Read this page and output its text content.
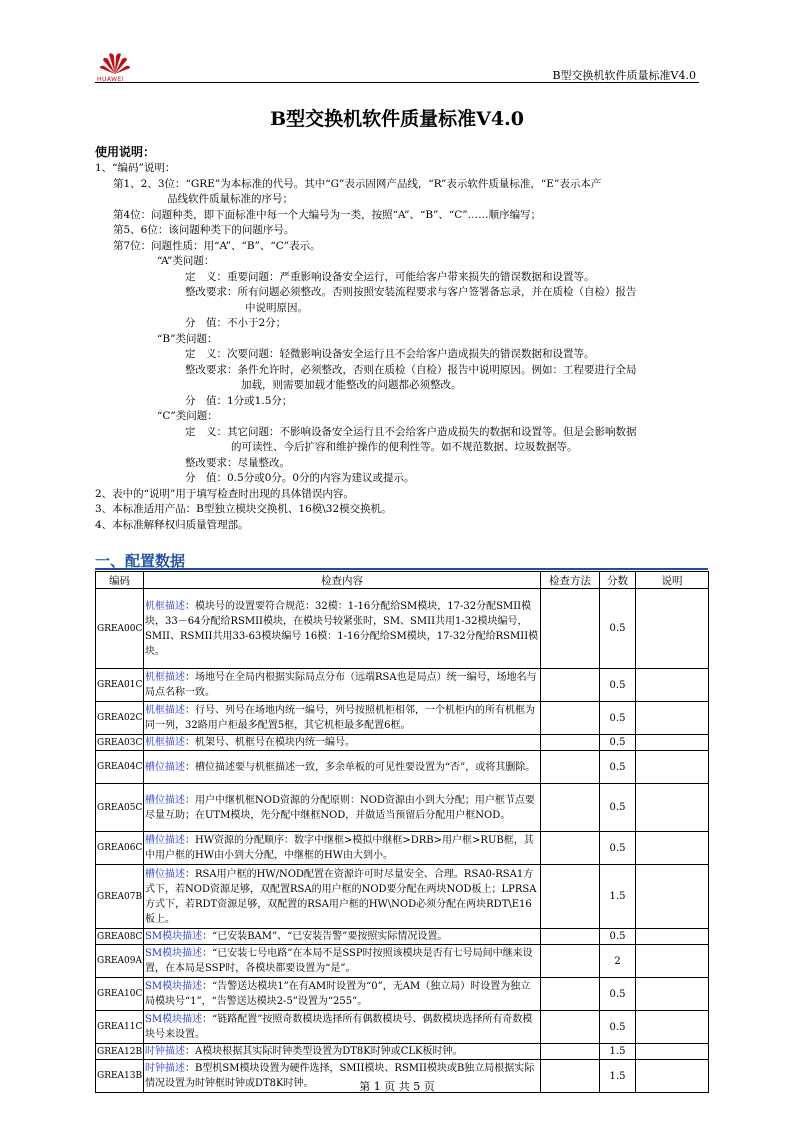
HUAWEI	B型交换机软件质量标准V4.0
B型交换机软件质量标准V4.0
使用说明：
1、“编码”说明：
第1、2、3位：“GRE”为本标准的代号。其中“G”表示固网产品线，“R”表示软件质量标准，“E”表示本产
品线软件质量标准的序号；
第4位：问题种类，即下面标准中每一个大编号为一类，按照“A”、“B”、“C”……顺序编写；
第5、6位：该问题种类下的问题序号。
第7位：问题性质：用“A”、“B”、“C”表示。
“A”类问题：
定　义：重要问题：严重影响设备安全运行，可能给客户带来损失的错误数据和设置等。
整改要求：所有问题必须整改。否则按照安装流程要求与客户签署备忘录，并在质检（自检）报告
中说明原因。
分　值：不小于2分；
“B”类问题：
定　义：次要问题：轻微影响设备安全运行且不会给客户造成损失的错误数据和设置等。
整改要求：条件允许时，必须整改，否则在质检（自检）报告中说明原因。例如：工程要进行全局
加载，则需要加载才能整改的问题都必须整改。
分　值：1分或1.5分；
“C”类问题：
定　义：其它问题：不影响设备安全运行且不会给客户造成损失的数据和设置等。但是会影响数据
的可读性、今后扩容和维护操作的便利性等。如不规范数据、垃圾数据等。
整改要求：尽量整改。
分　值：0.5分或0分。0分的内容为建议或提示。
2、表中的“说明”用于填写检查时出现的具体错误内容。
3、本标准适用产品：B型独立模块交换机、16模\32模交换机。
4、本标准解释权归质量管理部。
一、配置数据
编码	检查内容	检查方法	分数	说明
GREA00C	机框描述：模块号的设置要符合规范：32模：1-16分配给SM模块，17-32分配SMII模块，33－64分配给RSMII模块，在模块号较紧张时，SM、SMII共用1-32模块编号，SMII、RSMII共用33-63模块编号 16模：1-16分配给SM模块，17-32分配给RSMII模块。		0.5	
GREA01C	机框描述：场地号在全局内根据实际局点分布（远端RSA也是局点）统一编号，场地名与局点名称一致。		0.5	
GREA02C	机框描述：行号、列号在场地内统一编号，列号按照机柜相邻，一个机柜内的所有机框为同一列，32路用户柜最多配置5框，其它机柜最多配置6框。		0.5	
GREA03C	机框描述：机架号、机框号在模块内统一编号。		0.5	
GREA04C	槽位描述：槽位描述要与机框描述一致，多余单板的可见性要设置为“否”，或将其删除。		0.5	
GREA05C	槽位描述：用户中继机框NOD资源的分配原则：NOD资源由小到大分配；用户框节点要尽量互助；在UTM模块，先分配中继框NOD，并做适当预留后分配用户框NOD。		0.5	
GREA06C	槽位描述：HW资源的分配顺序：数字中继框>模拟中继框>DRB>用户框>RUB框，其中用户框的HW由小到大分配，中继框的HW由大到小。		0.5	
GREA07B	槽位描述：RSA用户框的HW/NOD配置在资源许可时尽量安全、合理。RSA0-RSA1方式下，若NOD资源足够，双配置RSA的用户框的NOD要分配在两块NOD板上；LPRSA方式下，若RDT资源足够，双配置的RSA用户框的HW\NOD必须分配在两块RDT\E16板上。		1.5	
GREA08C	SM模块描述：“已安装BAM”、“已安装告警”要按照实际情况设置。		0.5	
GREA09A	SM模块描述：“已安装七号电路”在本局不是SSP时按照该模块是否有七号局间中继来设置，在本局是SSP时，各模块都要设置为“是”。		2	
GREA10C	SM模块描述：“告警送达模块1”在有AM时设置为“0”，无AM（独立局）时设置为独立局模块号“1”，“告警送达模块2-5”设置为“255”。		0.5	
GREA11C	SM模块描述：“链路配置”按照奇数模块选择所有偶数模块号、偶数模块选择所有奇数模块号来设置。		0.5	
GREA12B	时钟描述：A模块根据其实际时钟类型设置为DT8K时钟或CLK板时钟。		1.5	
GREA13B	时钟描述：B型机SM模块设置为硬件选择，SMII模块、RSMII模块或B独立局根据实际情况设置为时钟框时钟或DT8K时钟。		1.5	
第 1 页 共 5 页
